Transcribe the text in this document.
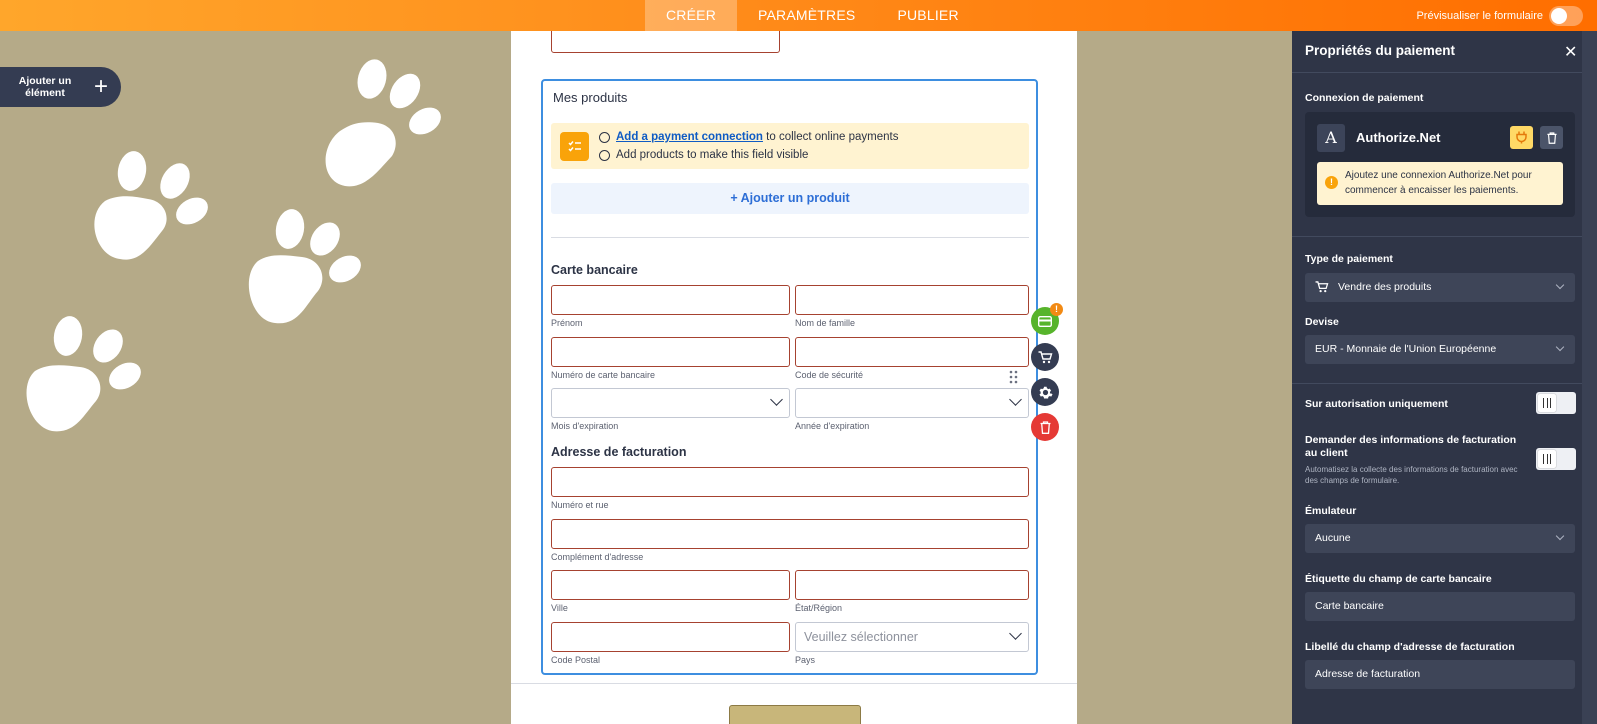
CRÉER	PARAMÈTRES	PUBLIER	Prévisualiser le formulaire
Ajouter un élément	+	Mes produits
Add a payment connection to collect online payments
Add products to make this field visible
+ Ajouter un produit
Carte bancaire
Prénom	Nom de famille
Numéro de carte bancaire	Code de sécurité
Mois d'expiration	Année d'expiration
Adresse de facturation
Numéro et rue
Complément d'adresse
Ville	État/Région
Veuillez sélectionner
Code Postal	Pays
!
Propriétés du paiement	✕
Connexion de paiement
A	Authorize.Net
!
Ajoutez une connexion Authorize.Net pour commencer à encaisser les paiements.
Type de paiement
Vendre des produits
Devise
EUR - Monnaie de l'Union Européenne
Sur autorisation uniquement
Demander des informations de facturation au client
Automatisez la collecte des informations de facturation avec des champs de formulaire.
Émulateur
Aucune
Étiquette du champ de carte bancaire
Carte bancaire
Libellé du champ d'adresse de facturation
Adresse de facturation
